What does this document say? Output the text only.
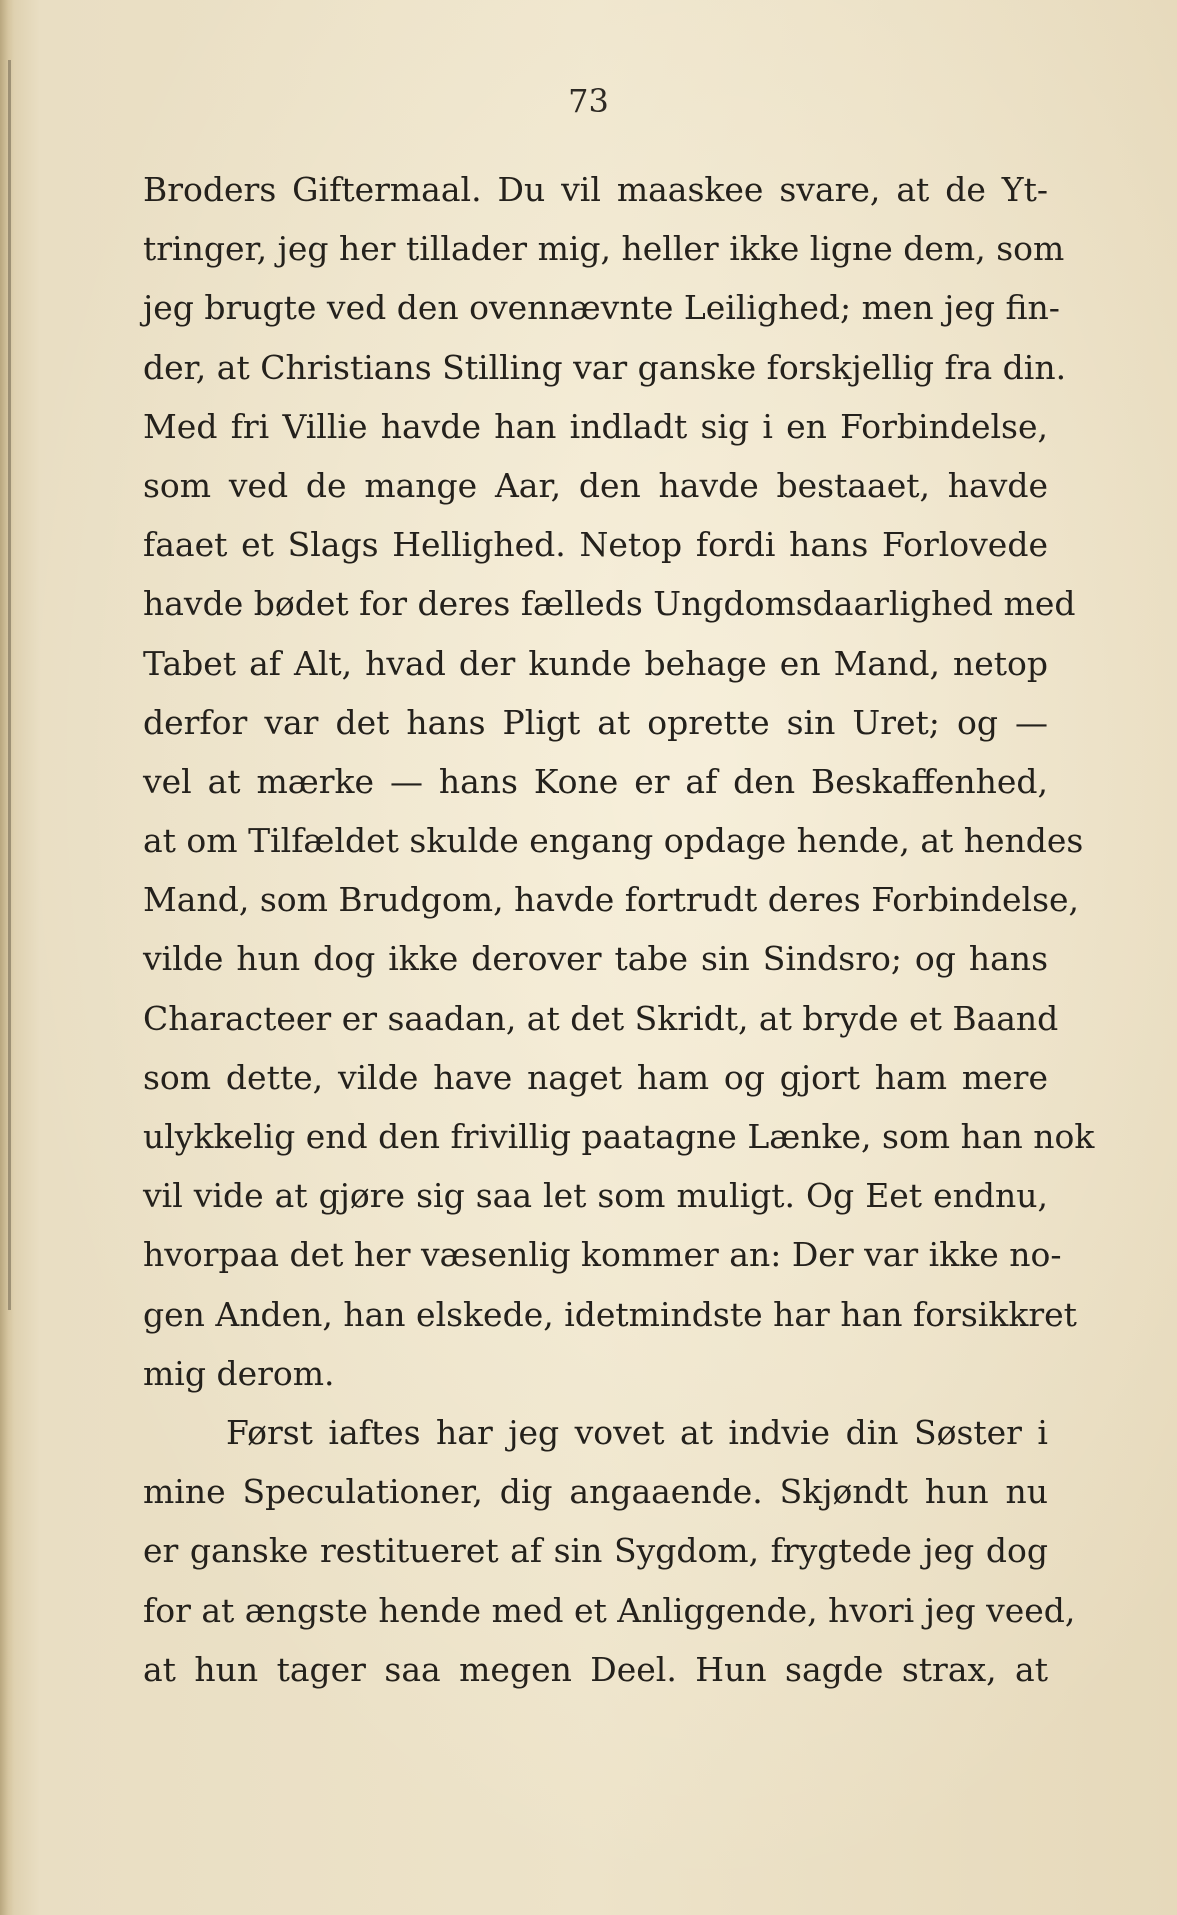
73
Broders Giftermaal. Du vil maaskee svare, at de Yt-
tringer, jeg her tillader mig, heller ikke ligne dem, som
jeg brugte ved den ovennævnte Leilighed; men jeg fin-
der, at Christians Stilling var ganske forskjellig fra din.
Med fri Villie havde han indladt sig i en Forbindelse,
som ved de mange Aar, den havde bestaaet, havde
faaet et Slags Hellighed. Netop fordi hans Forlovede
havde bødet for deres fælleds Ungdomsdaarlighed med
Tabet af Alt, hvad der kunde behage en Mand, netop
derfor var det hans Pligt at oprette sin Uret; og —
vel at mærke — hans Kone er af den Beskaffenhed,
at om Tilfældet skulde engang opdage hende, at hendes
Mand, som Brudgom, havde fortrudt deres Forbindelse,
vilde hun dog ikke derover tabe sin Sindsro; og hans
Characteer er saadan, at det Skridt, at bryde et Baand
som dette, vilde have naget ham og gjort ham mere
ulykkelig end den frivillig paatagne Lænke, som han nok
vil vide at gjøre sig saa let som muligt. Og Eet endnu,
hvorpaa det her væsenlig kommer an: Der var ikke no-
gen Anden, han elskede, idetmindste har han forsikkret
mig derom.
Først iaftes har jeg vovet at indvie din Søster i
mine Speculationer, dig angaaende. Skjøndt hun nu
er ganske restitueret af sin Sygdom, frygtede jeg dog
for at ængste hende med et Anliggende, hvori jeg veed,
at hun tager saa megen Deel. Hun sagde strax, at
